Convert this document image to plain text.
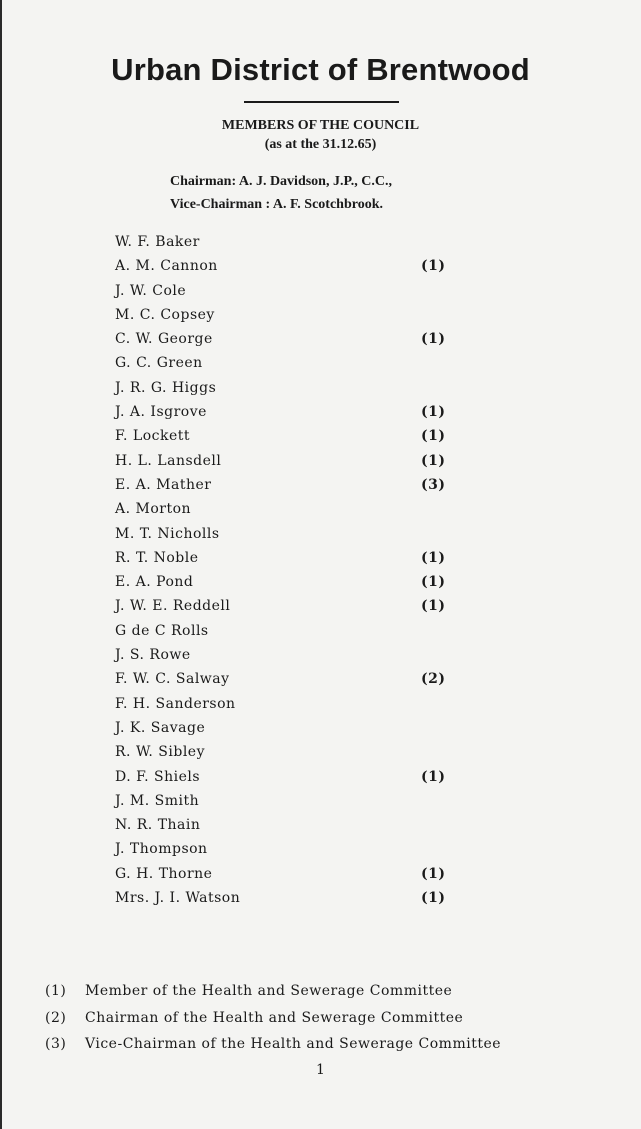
Urban District of Brentwood
MEMBERS OF THE COUNCIL
(as at the 31.12.65)
Chairman: A. J. Davidson, J.P., C.C.,
Vice-Chairman : A. F. Scotchbrook.
W. F. Baker
A. M. Cannon	(1)
J. W. Cole
M. C. Copsey
C. W. George	(1)
G. C. Green
J. R. G. Higgs
J. A. Isgrove	(1)
F. Lockett	(1)
H. L. Lansdell	(1)
E. A. Mather	(3)
A. Morton
M. T. Nicholls
R. T. Noble	(1)
E. A. Pond	(1)
J. W. E. Reddell	(1)
G de C Rolls
J. S. Rowe
F. W. C. Salway	(2)
F. H. Sanderson
J. K. Savage
R. W. Sibley
D. F. Shiels	(1)
J. M. Smith
N. R. Thain
J. Thompson
G. H. Thorne	(1)
Mrs. J. I. Watson	(1)
(1) Member of the Health and Sewerage Committee
(2) Chairman of the Health and Sewerage Committee
(3) Vice-Chairman of the Health and Sewerage Committee
1
